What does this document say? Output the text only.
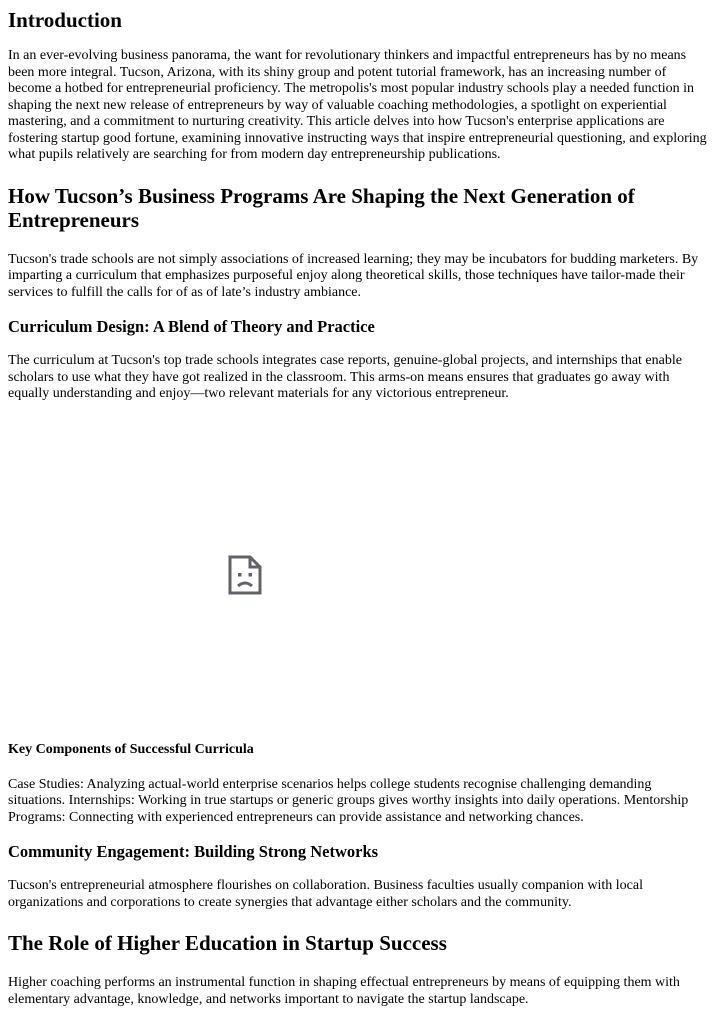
Introduction

In an ever-evolving business panorama, the want for revolutionary thinkers and impactful entrepreneurs has by no means been more integral. Tucson, Arizona, with its shiny group and potent tutorial framework, has an increasing number of become a hotbed for entrepreneurial proficiency. The metropolis's most popular industry schools play a needed function in shaping the next new release of entrepreneurs by way of valuable coaching methodologies, a spotlight on experiential mastering, and a commitment to nurturing creativity. This article delves into how Tucson's enterprise applications are fostering startup good fortune, examining innovative instructing ways that inspire entrepreneurial questioning, and exploring what pupils relatively are searching for from modern day entrepreneurship publications.

How Tucson’s Business Programs Are Shaping the Next Generation of Entrepreneurs

Tucson's trade schools are not simply associations of increased learning; they may be incubators for budding marketers. By imparting a curriculum that emphasizes purposeful enjoy along theoretical skills, those techniques have tailor-made their services to fulfill the calls for of as of late’s industry ambiance.

Curriculum Design: A Blend of Theory and Practice

The curriculum at Tucson's top trade schools integrates case reports, genuine-global projects, and internships that enable scholars to use what they have got realized in the classroom. This arms-on means ensures that graduates go away with equally understanding and enjoy—two relevant materials for any victorious entrepreneur.

Key Components of Successful Curricula

Case Studies: Analyzing actual-world enterprise scenarios helps college students recognise challenging demanding situations. Internships: Working in true startups or generic groups gives worthy insights into daily operations. Mentorship Programs: Connecting with experienced entrepreneurs can provide assistance and networking chances.

Community Engagement: Building Strong Networks

Tucson's entrepreneurial atmosphere flourishes on collaboration. Business faculties usually companion with local organizations and corporations to create synergies that advantage either scholars and the community.

The Role of Higher Education in Startup Success

Higher coaching performs an instrumental function in shaping effectual entrepreneurs by means of equipping them with elementary advantage, knowledge, and networks important to navigate the startup landscape.
